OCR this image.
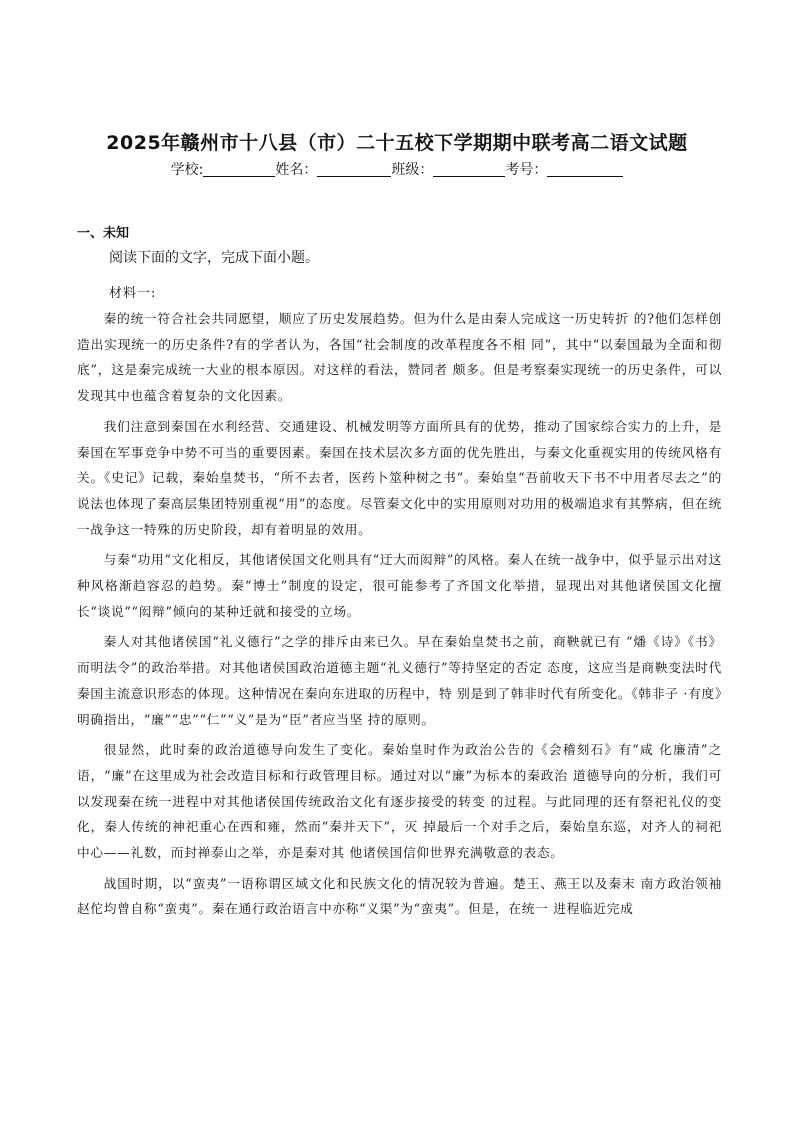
2025年赣州市十八县（市）二十五校下学期期中联考高二语文试题
学校:	姓名：	班级：	考号：
一、未知
阅读下面的文字，完成下面小题。
材料一:

秦的统一符合社会共同愿望，顺应了历史发展趋势。但为什么是由秦人完成这一历史转折 的?他们怎样创造出实现统一的历史条件?有的学者认为，各国“社会制度的改革程度各不相 同”，其中“以秦国最为全面和彻底”，这是秦完成统一大业的根本原因。对这样的看法，赞同者 颇多。但是考察秦实现统一的历史条件，可以发现其中也蕴含着复杂的文化因素。

我们注意到秦国在水利经营、交通建设、机械发明等方面所具有的优势，推动了国家综合实力的上升，是秦国在军事竞争中势不可当的重要因素。秦国在技术层次多方面的优先胜出，与秦文化重视实用的传统风格有关。《史记》记载，秦始皇焚书，“所不去者，医药卜筮种树之书”。秦始皇“吾前收天下书不中用者尽去之”的说法也体现了秦高层集团特别重视“用”的态度。尽管秦文化中的实用原则对功用的极端追求有其弊病，但在统一战争这一特殊的历史阶段，却有着明显的效用。

与秦“功用”文化相反，其他诸侯国文化则具有“迂大而闳辩”的风格。秦人在统一战争中，似乎显示出对这种风格渐趋容忍的趋势。秦“博士”制度的设定，很可能参考了齐国文化举措，显现出对其他诸侯国文化擅长“谈说”“闳辩”倾向的某种迁就和接受的立场。

秦人对其他诸侯国“礼义德行”之学的排斥由来已久。早在秦始皇焚书之前，商鞅就已有 “燔《诗》《书》而明法令”的政治举措。对其他诸侯国政治道德主题“礼义德行”等持坚定的否定 态度，这应当是商鞅变法时代秦国主流意识形态的体现。这种情况在秦向东进取的历程中，特 别是到了韩非时代有所变化。《韩非子 ·有度》明确指出，“廉”“忠”“仁”“义”是为“臣”者应当坚 持的原则。

很显然，此时秦的政治道德导向发生了变化。秦始皇时作为政治公告的《会稽刻石》有“咸 化廉清”之语，“廉”在这里成为社会改造目标和行政管理目标。通过对以“廉”为标本的秦政治 道德导向的分析，我们可以发现秦在统一进程中对其他诸侯国传统政治文化有逐步接受的转变 的过程。与此同理的还有祭祀礼仪的变化，秦人传统的神祀重心在西和雍，然而“秦并天下”，灭 掉最后一个对手之后，秦始皇东巡，对齐人的祠祀中心——礼数，而封禅泰山之举，亦是秦对其 他诸侯国信仰世界充满敬意的表态。

战国时期，以“蛮夷”一语称谓区域文化和民族文化的情况较为普遍。楚王、燕王以及秦末 南方政治领袖赵佗均曾自称“蛮夷”。秦在通行政治语言中亦称“义渠”为“蛮夷”。但是，在统一 进程临近完成
